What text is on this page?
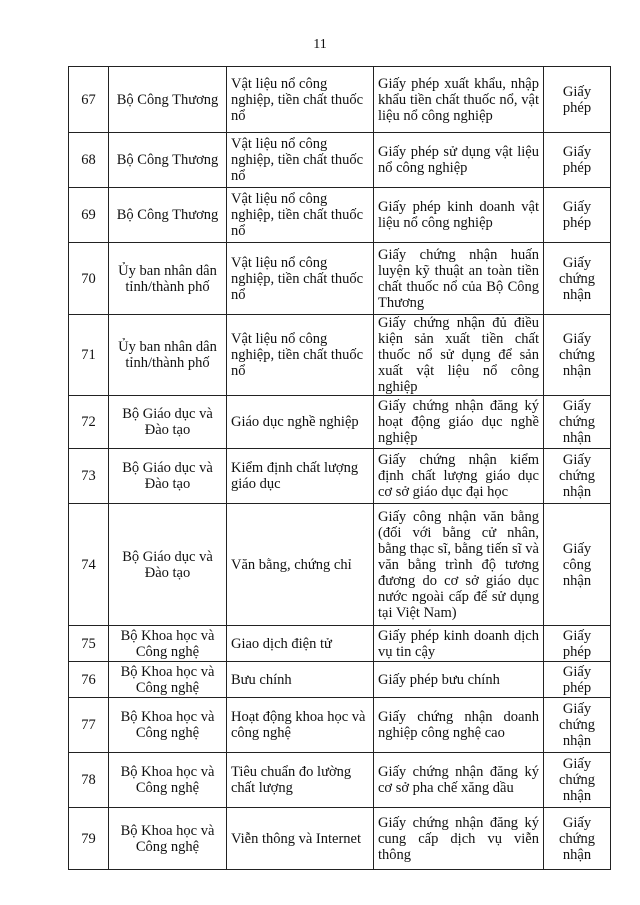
11
67	Bộ Công Thương	Vật liệu nổ công nghiệp, tiền chất thuốc nổ	Giấy phép xuất khẩu, nhập khẩu tiền chất thuốc nổ, vật liệu nổ công nghiệp	Giấy phép
68	Bộ Công Thương	Vật liệu nổ công nghiệp, tiền chất thuốc nổ	Giấy phép sử dụng vật liệu nổ công nghiệp	Giấy phép
69	Bộ Công Thương	Vật liệu nổ công nghiệp, tiền chất thuốc nổ	Giấy phép kinh doanh vật liệu nổ công nghiệp	Giấy phép
70	Ủy ban nhân dân tỉnh/thành phố	Vật liệu nổ công nghiệp, tiền chất thuốc nổ	Giấy chứng nhận huấn luyện kỹ thuật an toàn tiền chất thuốc nổ của Bộ Công Thương	Giấy chứng nhận
71	Ủy ban nhân dân tỉnh/thành phố	Vật liệu nổ công nghiệp, tiền chất thuốc nổ	Giấy chứng nhận đủ điều kiện sản xuất tiền chất thuốc nổ sử dụng để sản xuất vật liệu nổ công nghiệp	Giấy chứng nhận
72	Bộ Giáo dục và Đào tạo	Giáo dục nghề nghiệp	Giấy chứng nhận đăng ký hoạt động giáo dục nghề nghiệp	Giấy chứng nhận
73	Bộ Giáo dục và Đào tạo	Kiểm định chất lượng giáo dục	Giấy chứng nhận kiểm định chất lượng giáo dục cơ sở giáo dục đại học	Giấy chứng nhận
74	Bộ Giáo dục và Đào tạo	Văn bằng, chứng chỉ	Giấy công nhận văn bằng (đối với bằng cử nhân, bằng thạc sĩ, bằng tiến sĩ và văn bằng trình độ tương đương do cơ sở giáo dục nước ngoài cấp để sử dụng tại Việt Nam)	Giấy công nhận
75	Bộ Khoa học và Công nghệ	Giao dịch điện tử	Giấy phép kinh doanh dịch vụ tin cậy	Giấy phép
76	Bộ Khoa học và Công nghệ	Bưu chính	Giấy phép bưu chính	Giấy phép
77	Bộ Khoa học và Công nghệ	Hoạt động khoa học và công nghệ	Giấy chứng nhận doanh nghiệp công nghệ cao	Giấy chứng nhận
78	Bộ Khoa học và Công nghệ	Tiêu chuẩn đo lường chất lượng	Giấy chứng nhận đăng ký cơ sở pha chế xăng dầu	Giấy chứng nhận
79	Bộ Khoa học và Công nghệ	Viễn thông và Internet	Giấy chứng nhận đăng ký cung cấp dịch vụ viễn thông	Giấy chứng nhận
